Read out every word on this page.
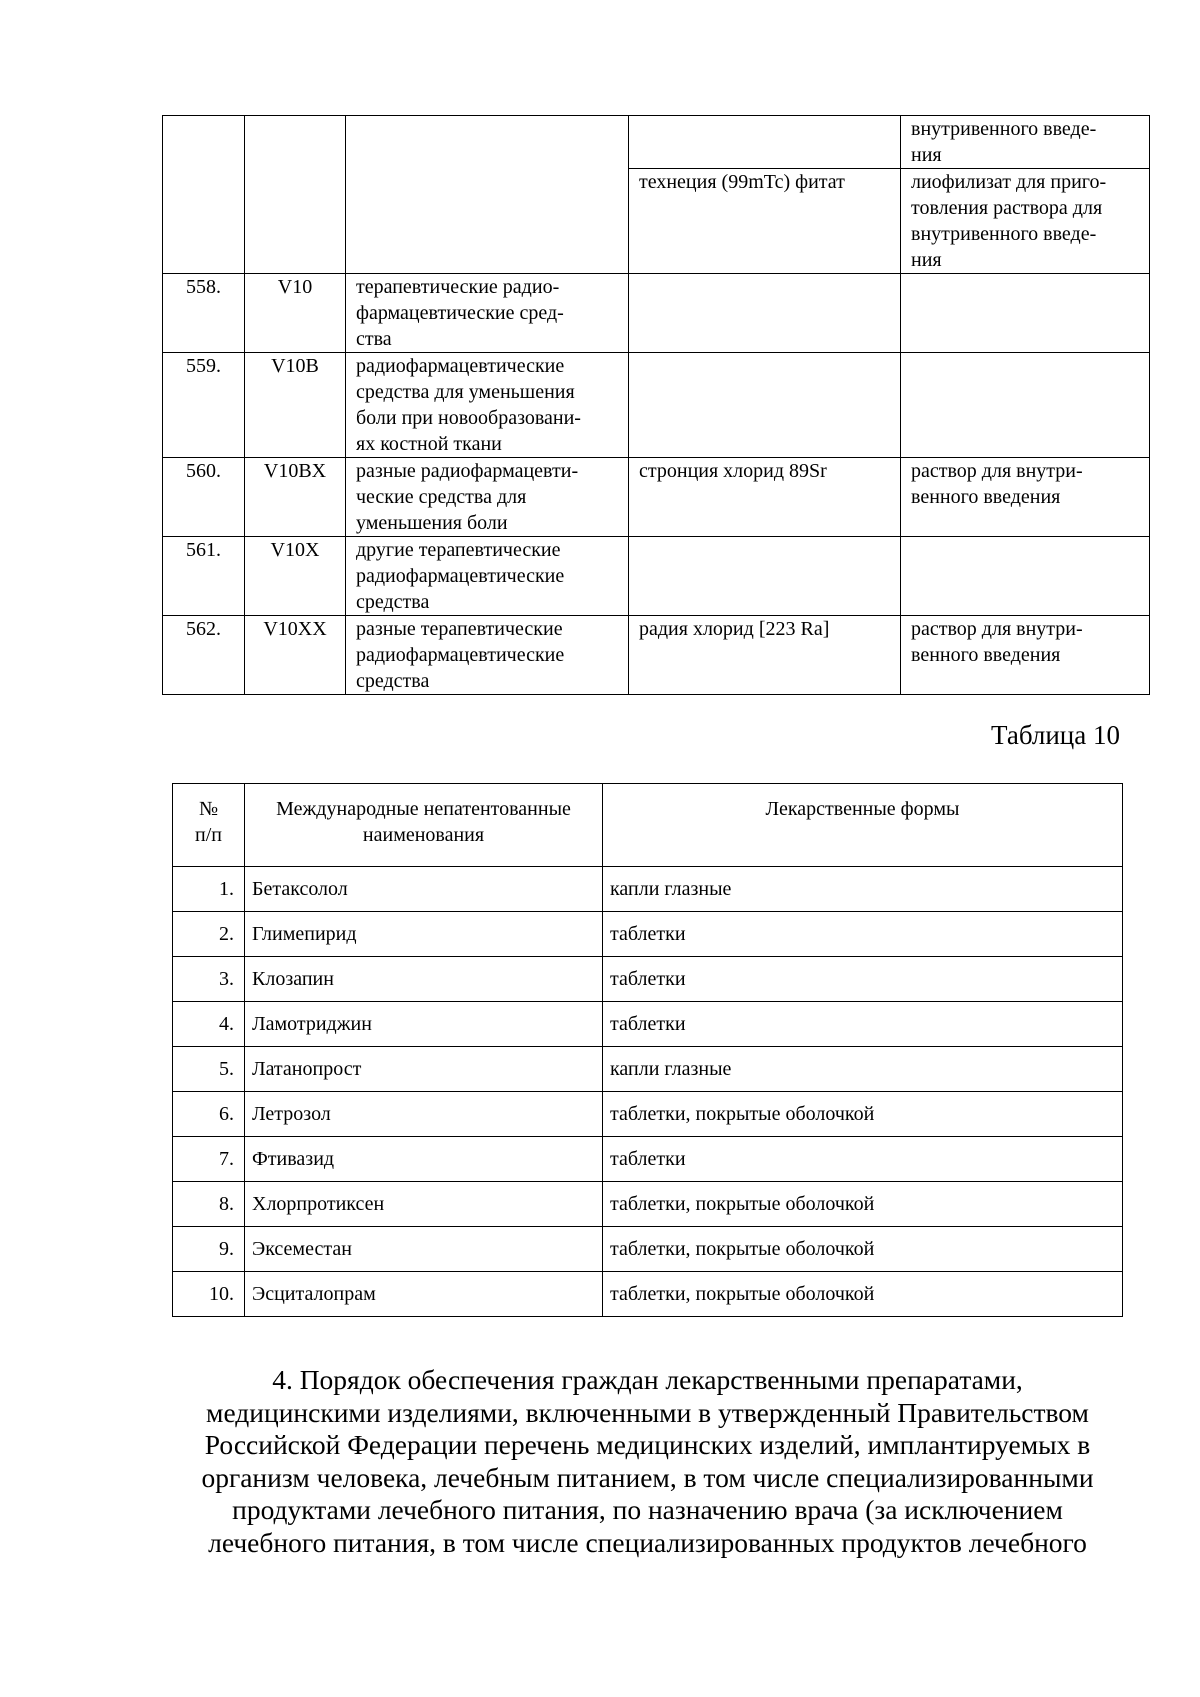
				внутривенного введе-
ния
			технеция (99mTc) фитат	лиофилизат для приго-
товления раствора для
внутривенного введе-
ния
558.	V10	терапевтические радио-
фармацевтические сред-
ства		
559.	V10B	радиофармацевтические
средства для уменьшения
боли при новообразовани-
ях костной ткани		
560.	V10BX	разные радиофармацевти-
ческие средства для
уменьшения боли	стронция хлорид 89Sr	раствор для внутри-
венного введения
561.	V10X	другие терапевтические
радиофармацевтические
средства		
562.	V10XX	разные терапевтические
радиофармацевтические
средства	радия хлорид [223 Ra]	раствор для внутри-
венного введения
Таблица 10
№
п/п	Международные непатентованные
наименования	Лекарственные формы
1.	Бетаксолол	капли глазные
2.	Глимепирид	таблетки
3.	Клозапин	таблетки
4.	Ламотриджин	таблетки
5.	Латанопрост	капли глазные
6.	Летрозол	таблетки, покрытые оболочкой
7.	Фтивазид	таблетки
8.	Хлорпротиксен	таблетки, покрытые оболочкой
9.	Эксеместан	таблетки, покрытые оболочкой
10.	Эсциталопрам	таблетки, покрытые оболочкой
4. Порядок обеспечения граждан лекарственными препаратами,
медицинскими изделиями, включенными в утвержденный Правительством
Российской Федерации перечень медицинских изделий, имплантируемых в
организм человека, лечебным питанием, в том числе специализированными
продуктами лечебного питания, по назначению врача (за исключением
лечебного питания, в том числе специализированных продуктов лечебного
